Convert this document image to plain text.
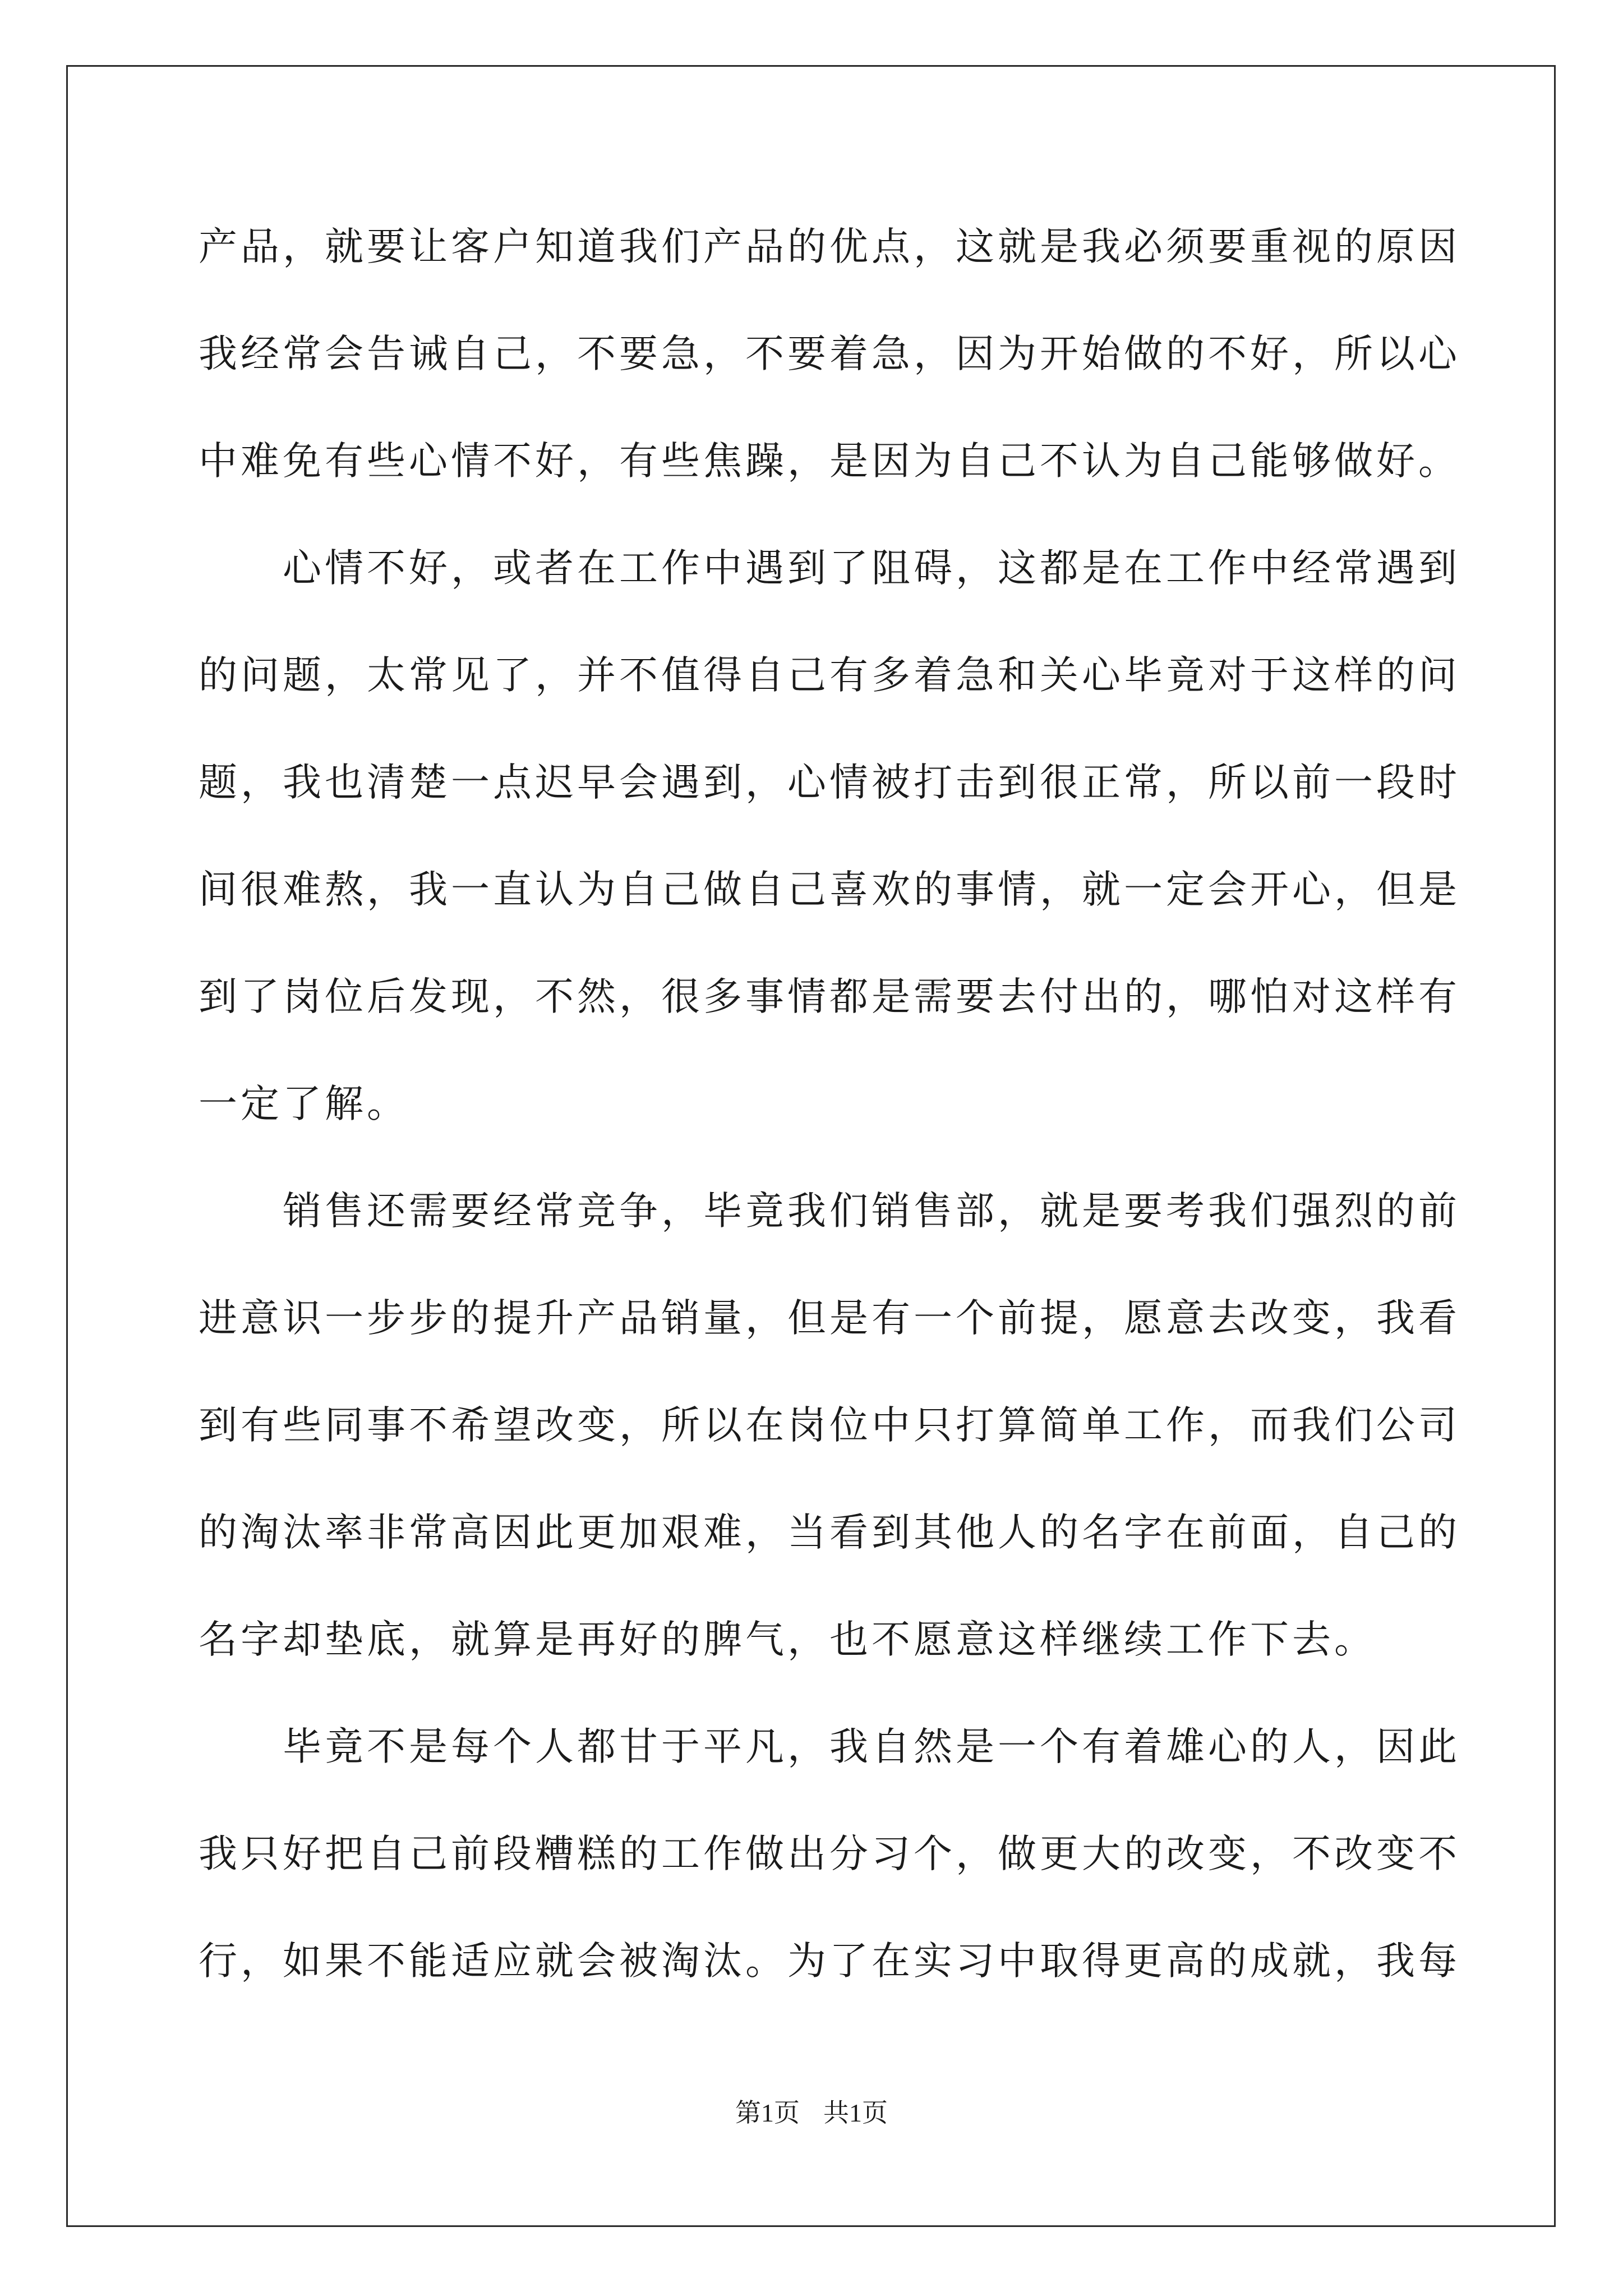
产品，就要让客户知道我们产品的优点，这就是我必须要重视的原因
我经常会告诫自己，不要急，不要着急，因为开始做的不好，所以心
中难免有些心情不好，有些焦躁，是因为自己不认为自己能够做好。
　　心情不好，或者在工作中遇到了阻碍，这都是在工作中经常遇到
的问题，太常见了，并不值得自己有多着急和关心毕竟对于这样的问
题，我也清楚一点迟早会遇到，心情被打击到很正常，所以前一段时
间很难熬，我一直认为自己做自己喜欢的事情，就一定会开心，但是
到了岗位后发现，不然，很多事情都是需要去付出的，哪怕对这样有
一定了解。
　　销售还需要经常竞争，毕竟我们销售部，就是要考我们强烈的前
进意识一步步的提升产品销量，但是有一个前提，愿意去改变，我看
到有些同事不希望改变，所以在岗位中只打算简单工作，而我们公司
的淘汰率非常高因此更加艰难，当看到其他人的名字在前面，自己的
名字却垫底，就算是再好的脾气，也不愿意这样继续工作下去。
　　毕竟不是每个人都甘于平凡，我自然是一个有着雄心的人，因此
我只好把自己前段糟糕的工作做出分习个，做更大的改变，不改变不
行，如果不能适应就会被淘汰。为了在实习中取得更高的成就，我每
第1页 共1页
